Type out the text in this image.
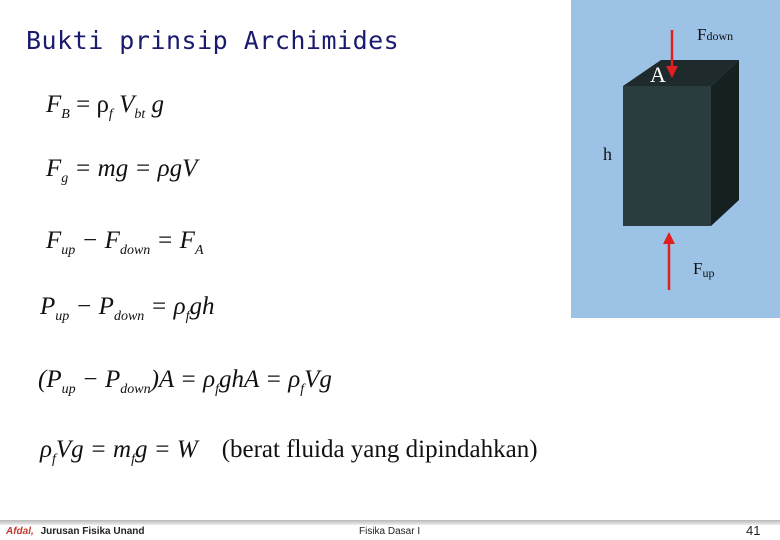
Bukti prinsip Archimides
$F_B = \rho_f$ $V_{bt}$ g
$F_g$ = mg = ρgV
$F_{up} - F_{down} = F_A$
$P_{up} - P_{down} = \rho_fgh$
$(P_{up} - P_{down})A = \rho_fghA = \rho_fVg$
$\rho_fVg = m_fg = W$ (berat fluida yang dipindahkan)
A
h
Fdown
Fup
Afdal, Jurusan Fisika Unand	Fisika Dasar I	41
